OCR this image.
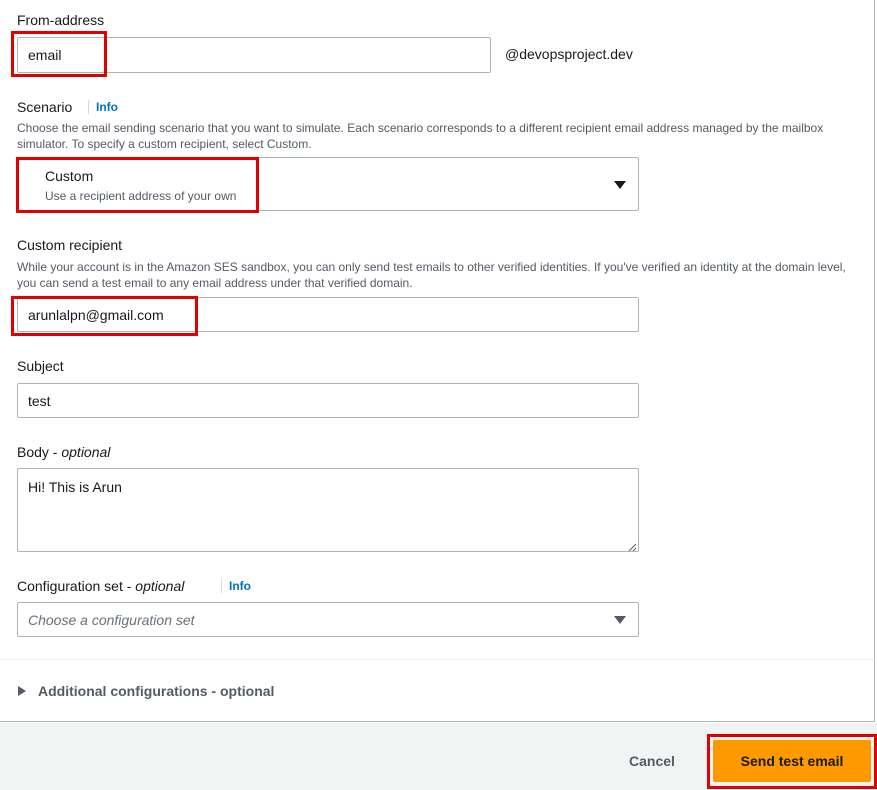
From-address
email	@devopsproject.dev
Scenario	Info
Choose the email sending scenario that you want to simulate. Each scenario corresponds to a different recipient email address managed by the mailbox simulator. To specify a custom recipient, select Custom.
Custom
Use a recipient address of your own
Custom recipient
While your account is in the Amazon SES sandbox, you can only send test emails to other verified identities. If you've verified an identity at the domain level, you can send a test email to any email address under that verified domain.
arunlalpn@gmail.com
Subject
test
Body - optional
Hi! This is Arun
Configuration set - optional	Info
Choose a configuration set
Additional configurations - optional
Cancel	Send test email
